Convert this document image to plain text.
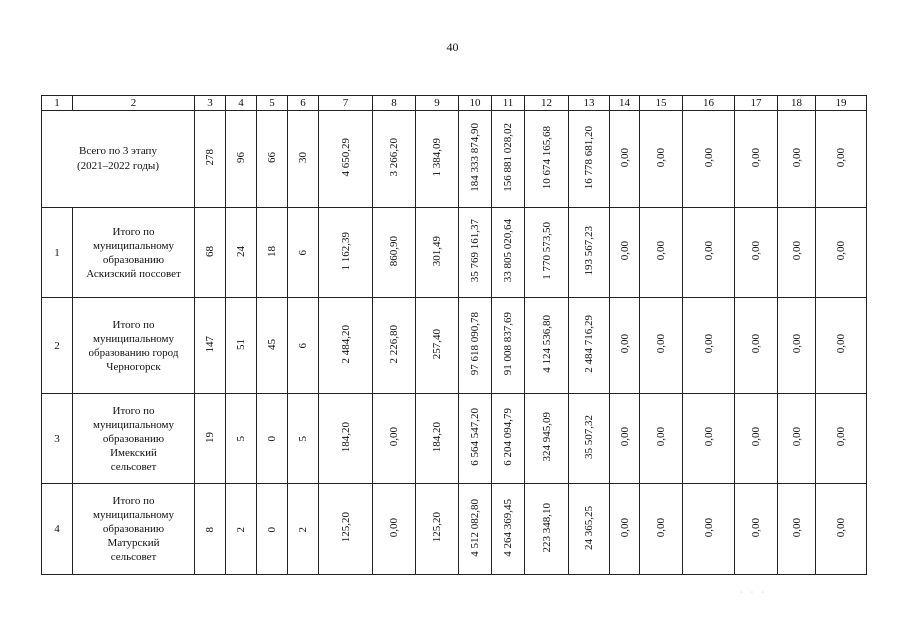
40
1	2	3	4	5	6	7	8	9	10	11	12	13	14	15	16	17	18	19

Всего по 3 этапу
(2021–2022 годы)		278	96	66	30	4 650,29	3 266,20	1 384,09	184 333 874,90	156 881 028,02	10 674 165,68	16 778 681,20	0,00	0,00	0,00	0,00	0,00	0,00
1	Итого по
муниципальному
образованию
Аскизский поссовет	68	24	18	6	1 162,39	860,90	301,49	35 769 161,37	33 805 020,64	1 770 573,50	193 567,23	0,00	0,00	0,00	0,00	0,00	0,00
2	Итого по
муниципальному
образованию город
Черногорск	147	51	45	6	2 484,20	2 226,80	257,40	97 618 090,78	91 008 837,69	4 124 536,80	2 484 716,29	0,00	0,00	0,00	0,00	0,00	0,00
3	Итого по
муниципальному
образованию
Имекский
сельсовет	19	5	0	5	184,20	0,00	184,20	6 564 547,20	6 204 094,79	324 945,09	35 507,32	0,00	0,00	0,00	0,00	0,00	0,00
4	Итого по
муниципальному
образованию
Матурский
сельсовет	8	2	0	2	125,20	0,00	125,20	4 512 082,80	4 264 369,45	223 348,10	24 365,25	0,00	0,00	0,00	0,00	0,00	0,00
· · ·
